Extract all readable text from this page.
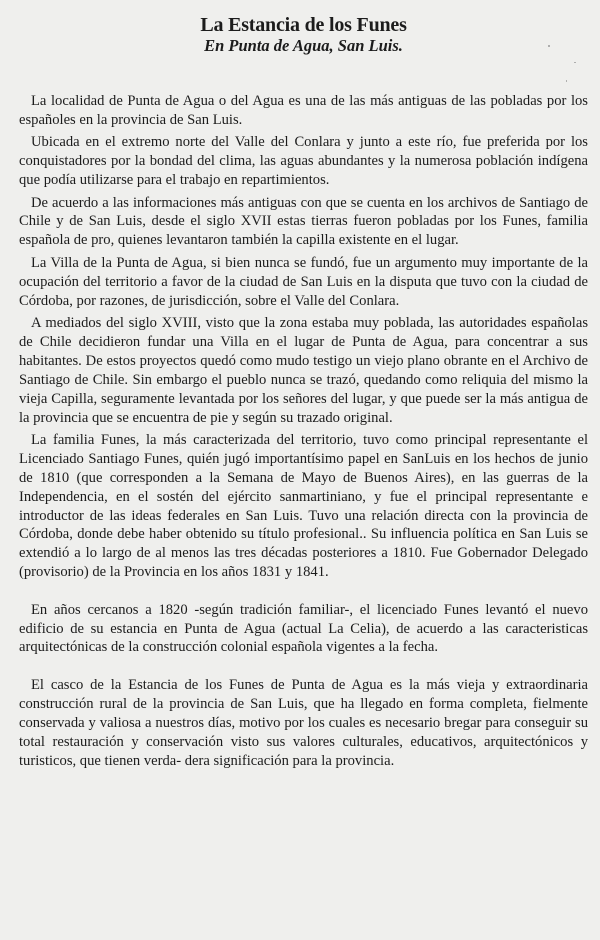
La Estancia de los Funes
En Punta de Agua, San Luis.

La localidad de Punta de Agua o del Agua es una de las más antiguas de las pobladas por los españoles en la provincia de San Luis.

Ubicada en el extremo norte del Valle del Conlara y junto a este río, fue preferida por los conquistadores por la bondad del clima, las aguas abundantes y la numerosa población indígena que podía utilizarse para el trabajo en repartimientos.

De acuerdo a las informaciones más antiguas con que se cuenta en los archivos de Santiago de Chile y de San Luis, desde el siglo XVII estas tierras fueron pobladas por los Funes, familia española de pro, quienes levantaron también la capilla existente en el lugar.

La Villa de la Punta de Agua, si bien nunca se fundó, fue un argumento muy importante de la ocupación del territorio a favor de la ciudad de San Luis en la disputa que tuvo con la ciudad de Córdoba, por razones, de jurisdicción, sobre el Valle del Conlara.

A mediados del siglo XVIII, visto que la zona estaba muy poblada, las autoridades españolas de Chile decidieron fundar una Villa en el lugar de Punta de Agua, para concentrar a sus habitantes. De estos proyectos quedó como mudo testigo un viejo plano obrante en el Archivo de Santiago de Chile. Sin embargo el pueblo nunca se trazó, quedando como reliquia del mismo la vieja Capilla, seguramente levantada por los señores del lugar, y que puede ser la más antigua de la provincia que se encuentra de pie y según su trazado original.

La familia Funes, la más caracterizada del territorio, tuvo como principal representante el Licenciado Santiago Funes, quién jugó importantísimo papel en SanLuis en los hechos de junio de 1810 (que corresponden a la Semana de Mayo de Buenos Aires), en las guerras de la Independencia, en el sostén del ejército sanmartiniano, y fue el principal representante e introductor de las ideas federales en San Luis. Tuvo una relación directa con la provincia de Córdoba, donde debe haber obtenido su título profesional.. Su influencia política en San Luis se extendió a lo largo de al menos las tres décadas posteriores a 1810. Fue Gobernador Delegado (provisorio) de la Provincia en los años 1831 y 1841.

En años cercanos a 1820 -según tradición familiar-, el licenciado Funes levantó el nuevo edificio de su estancia en Punta de Agua (actual La Celia), de acuerdo a las caracteristicas arquitectónicas de la construcción colonial española vigentes a la fecha.

El casco de la Estancia de los Funes de Punta de Agua es la más vieja y extraordinaria construcción rural de la provincia de San Luis, que ha llegado en forma completa, fielmente conservada y valiosa a nuestros días, motivo por los cuales es necesario bregar para conseguir su total restauración y conservación visto sus valores culturales, educativos, arquitectónicos y turisticos, que tienen verda- dera significación para la provincia.
